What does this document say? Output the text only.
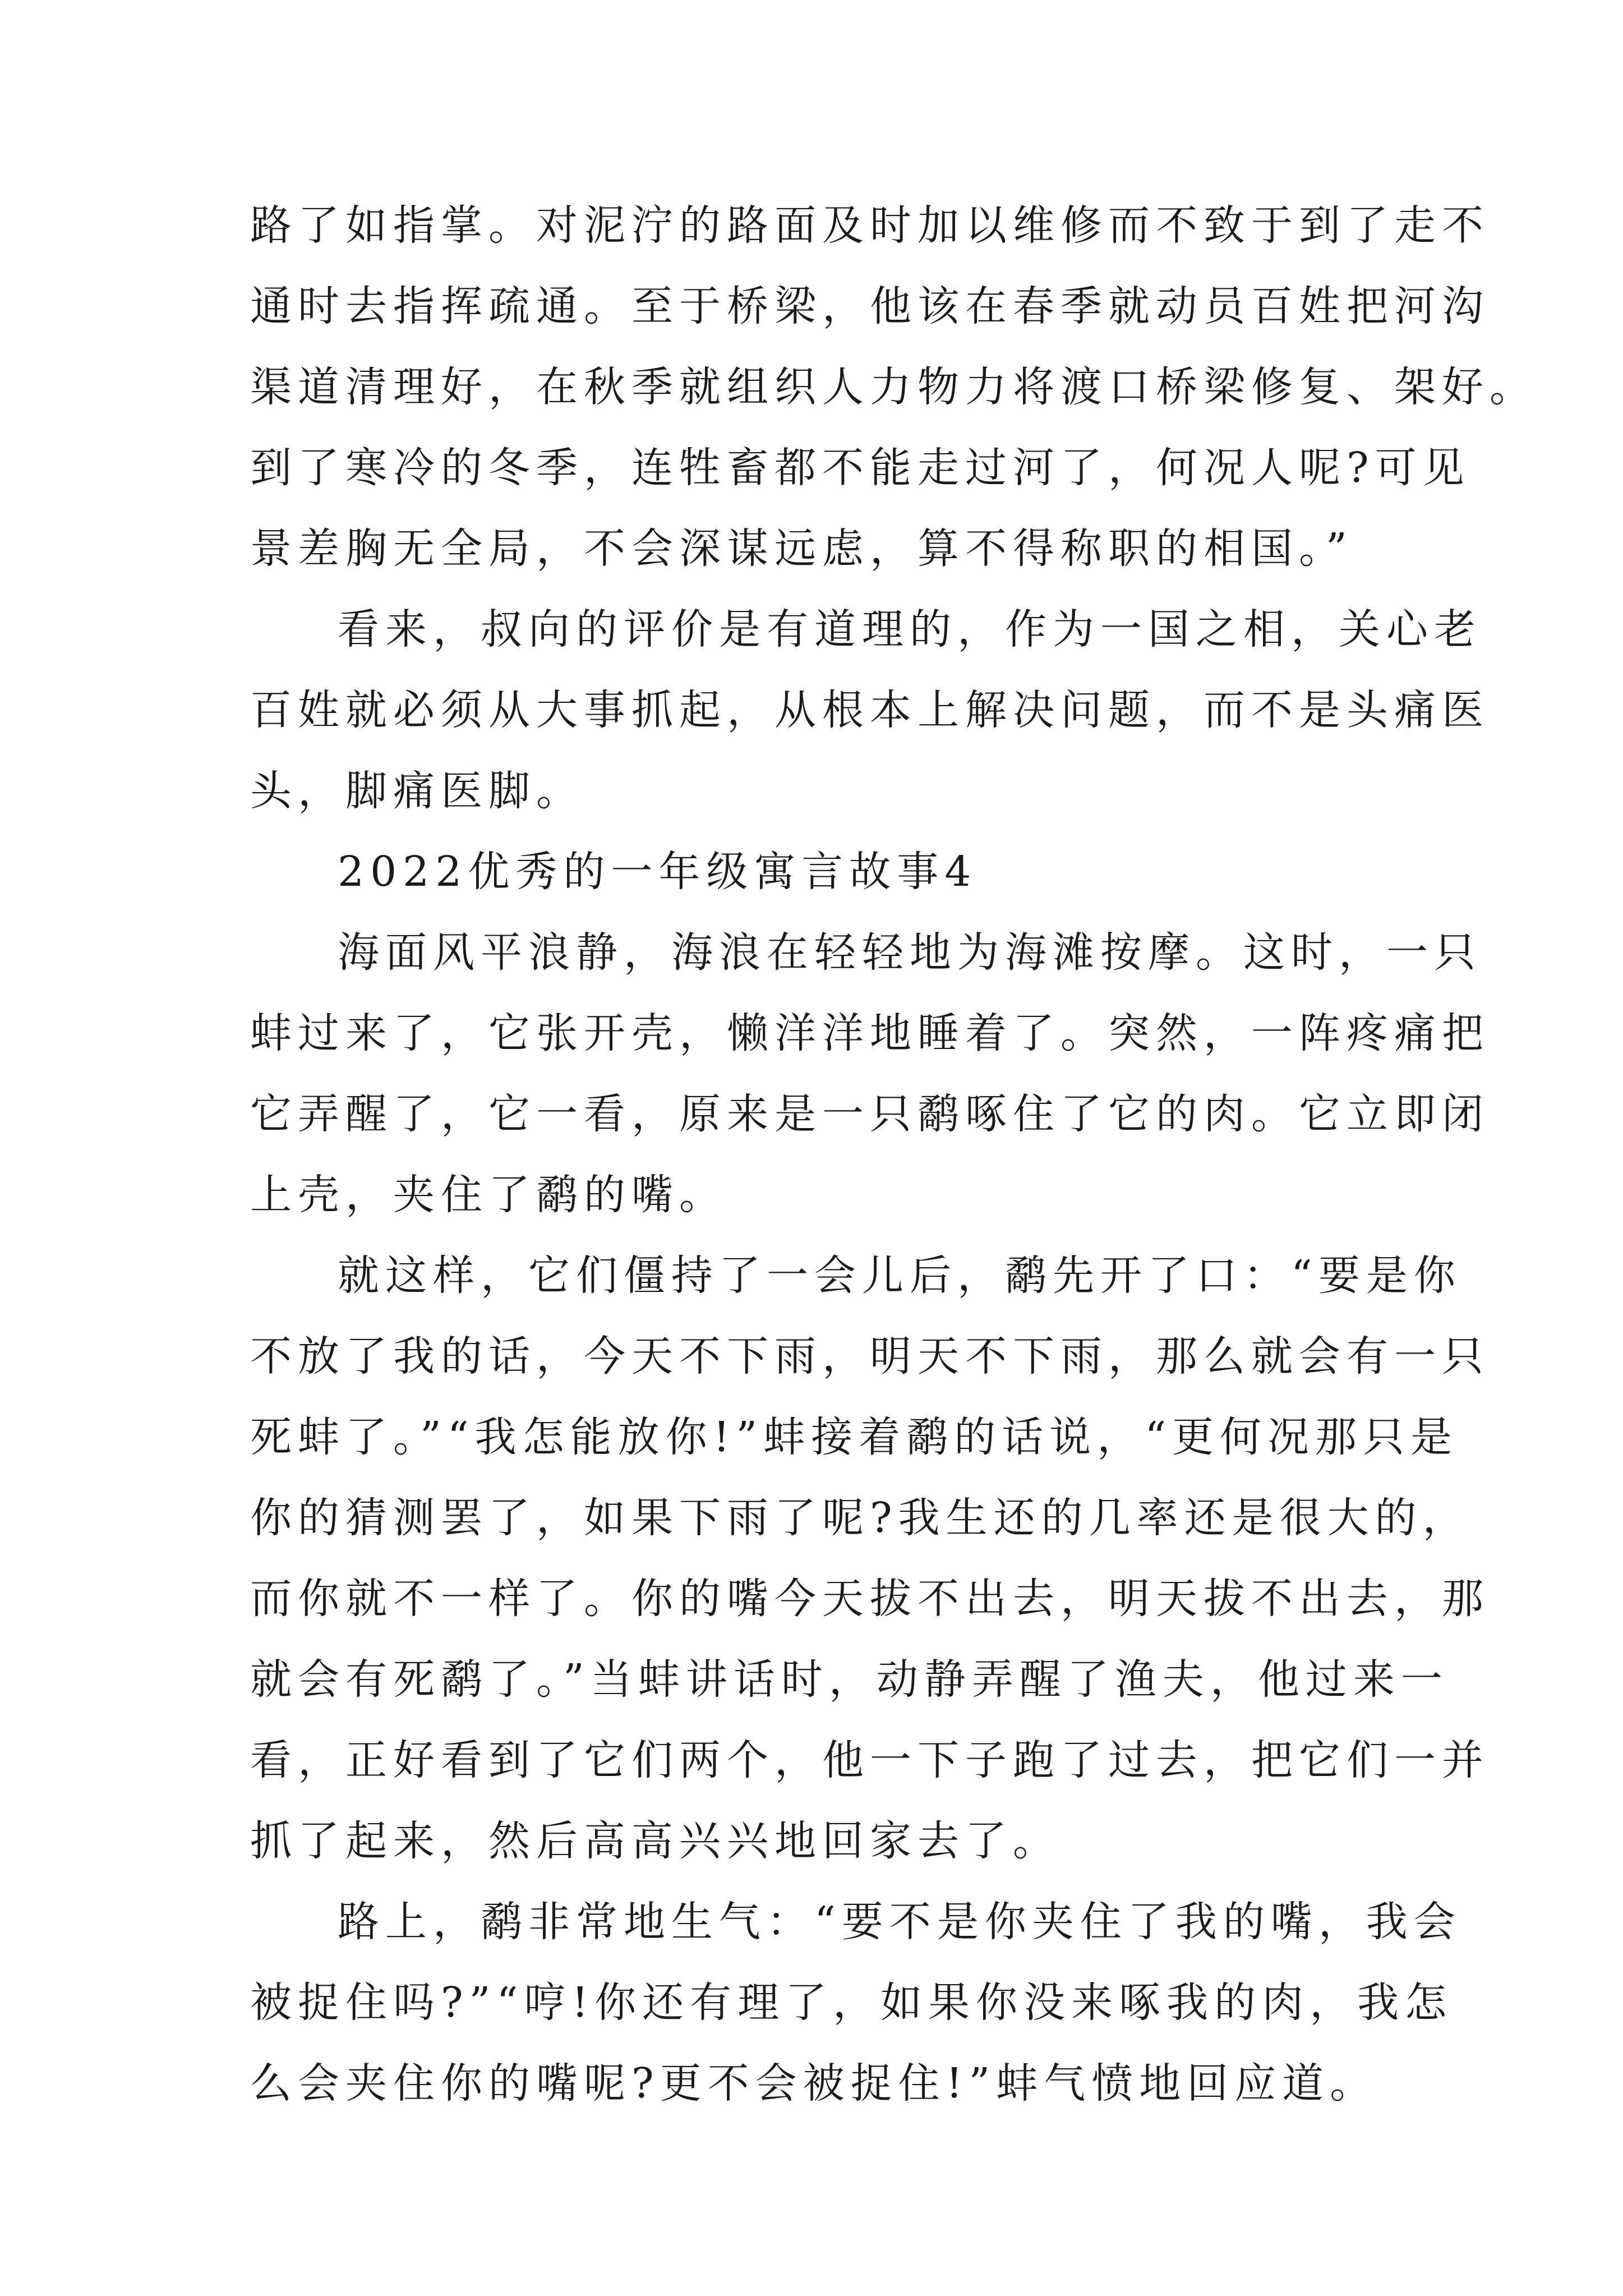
路了如指掌。对泥泞的路面及时加以维修而不致于到了走不
通时去指挥疏通。至于桥梁，他该在春季就动员百姓把河沟
渠道清理好，在秋季就组织人力物力将渡口桥梁修复、架好。
到了寒冷的冬季，连牲畜都不能走过河了，何况人呢?可见
景差胸无全局，不会深谋远虑，算不得称职的相国。”
看来，叔向的评价是有道理的，作为一国之相，关心老
百姓就必须从大事抓起，从根本上解决问题，而不是头痛医
头，脚痛医脚。
2022优秀的一年级寓言故事4
海面风平浪静，海浪在轻轻地为海滩按摩。这时，一只
蚌过来了，它张开壳，懒洋洋地睡着了。突然，一阵疼痛把
它弄醒了，它一看，原来是一只鹬啄住了它的肉。它立即闭
上壳，夹住了鹬的嘴。
就这样，它们僵持了一会儿后，鹬先开了口：“要是你
不放了我的话，今天不下雨，明天不下雨，那么就会有一只
死蚌了。”“我怎能放你!”蚌接着鹬的话说，“更何况那只是
你的猜测罢了，如果下雨了呢?我生还的几率还是很大的，
而你就不一样了。你的嘴今天拔不出去，明天拔不出去，那
就会有死鹬了。”当蚌讲话时，动静弄醒了渔夫，他过来一
看，正好看到了它们两个，他一下子跑了过去，把它们一并
抓了起来，然后高高兴兴地回家去了。
路上，鹬非常地生气：“要不是你夹住了我的嘴，我会
被捉住吗?”“哼!你还有理了，如果你没来啄我的肉，我怎
么会夹住你的嘴呢?更不会被捉住!”蚌气愤地回应道。
